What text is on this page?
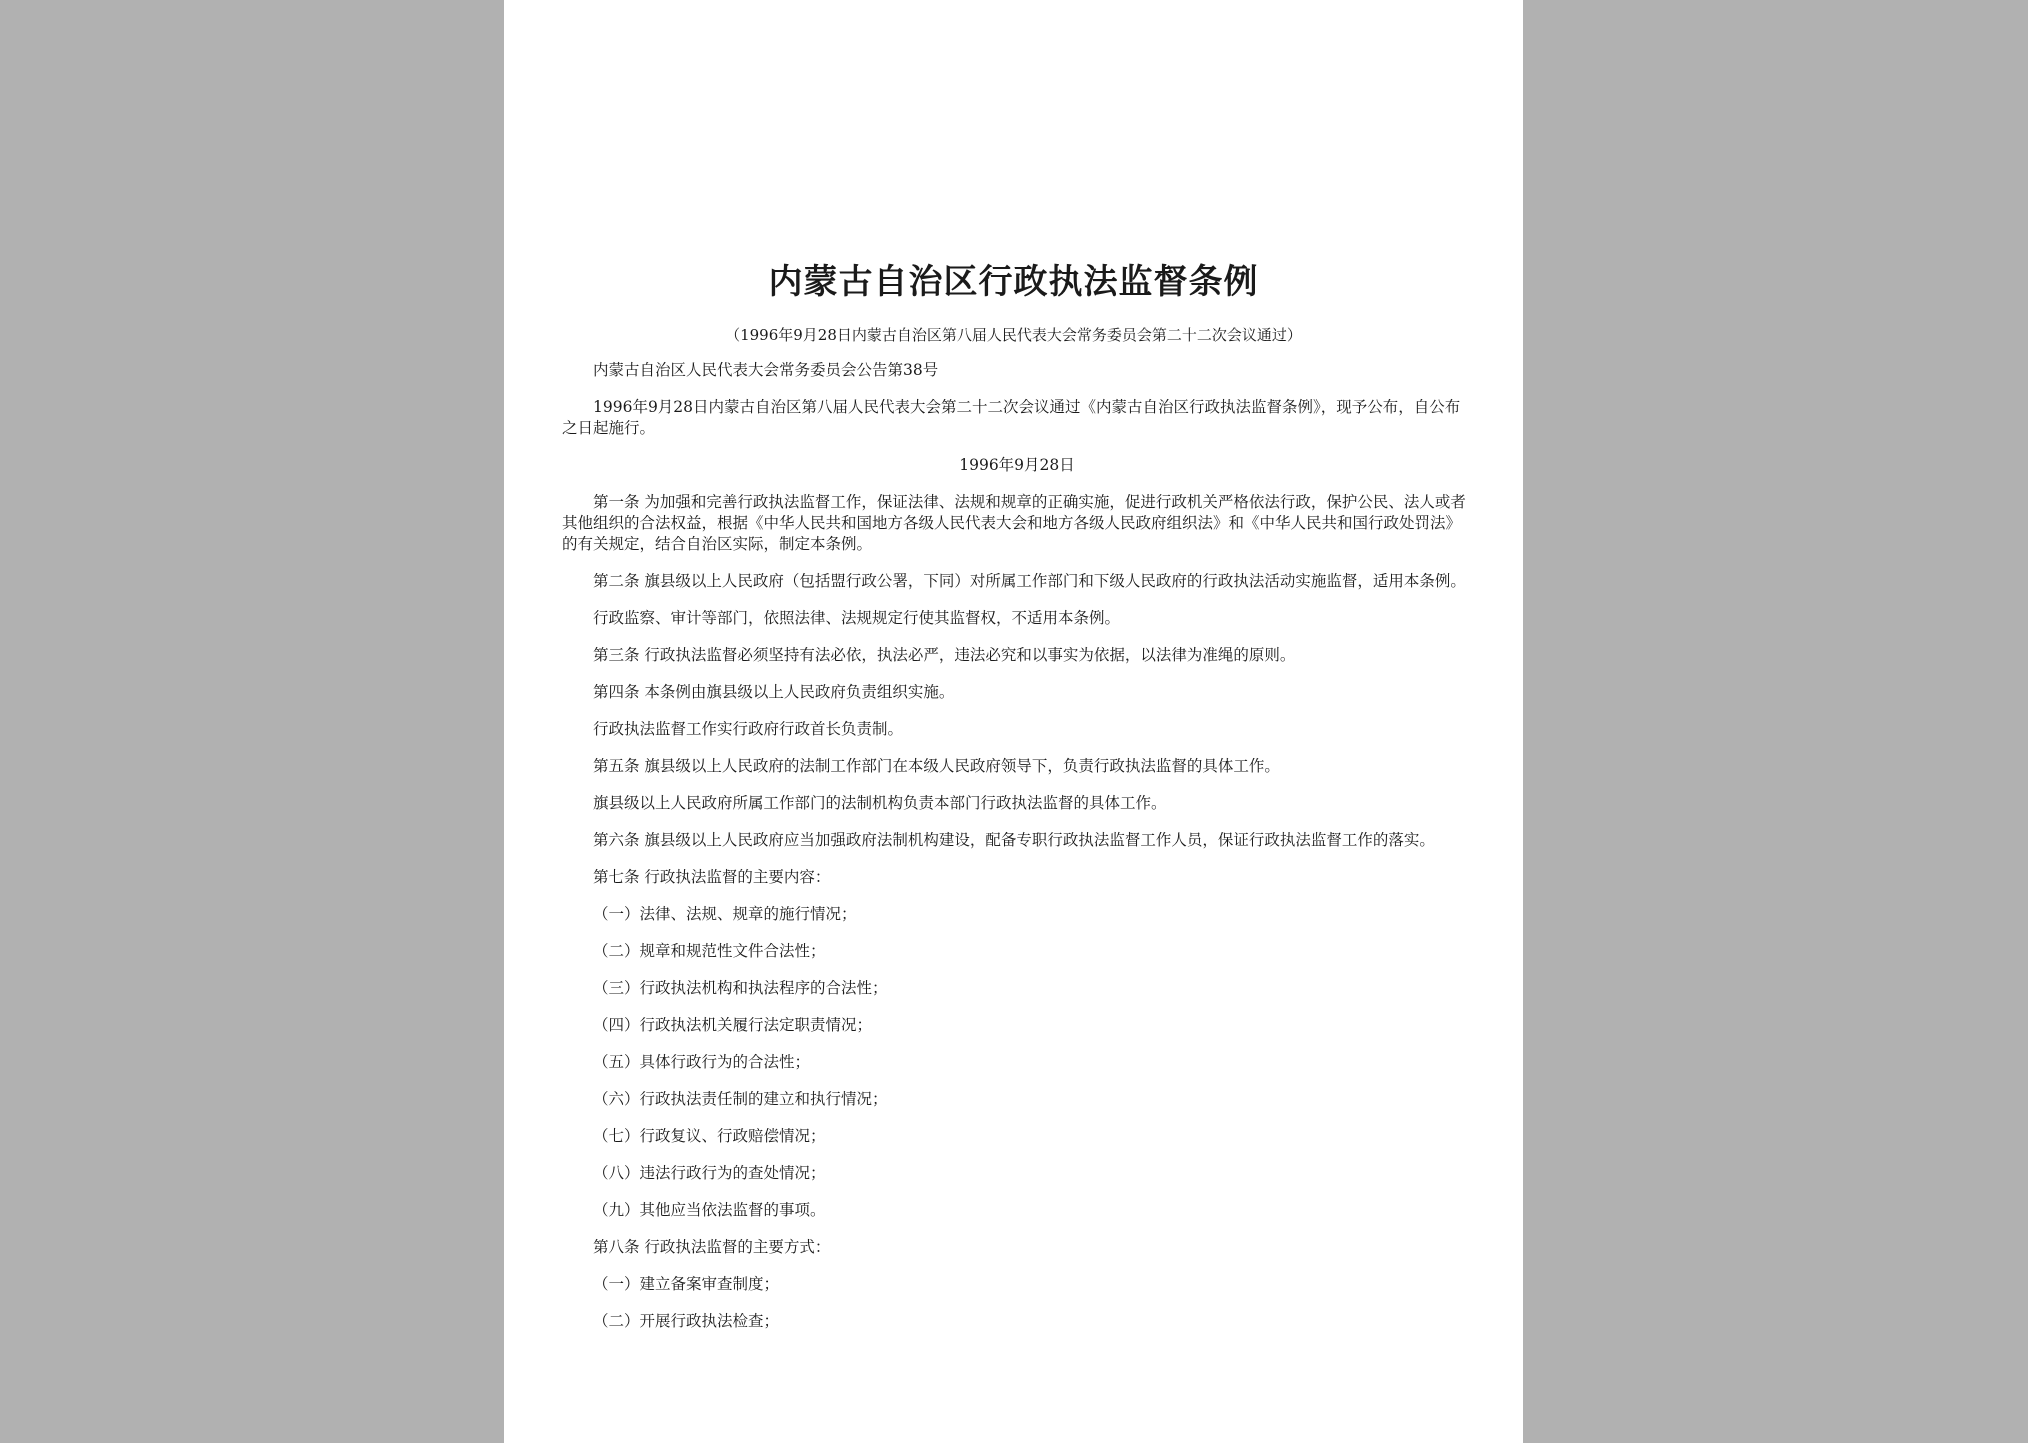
内蒙古自治区行政执法监督条例
（1996年9月28日内蒙古自治区第八届人民代表大会常务委员会第二十二次会议通过）

内蒙古自治区人民代表大会常务委员会公告第38号

1996年9月28日内蒙古自治区第八届人民代表大会第二十二次会议通过《内蒙古自治区行政执法监督条例》，现予公布，自公布之日起施行。

1996年9月28日

第一条 为加强和完善行政执法监督工作，保证法律、法规和规章的正确实施，促进行政机关严格依法行政，保护公民、法人或者其他组织的合法权益，根据《中华人民共和国地方各级人民代表大会和地方各级人民政府组织法》和《中华人民共和国行政处罚法》的有关规定，结合自治区实际，制定本条例。

第二条 旗县级以上人民政府（包括盟行政公署，下同）对所属工作部门和下级人民政府的行政执法活动实施监督，适用本条例。

行政监察、审计等部门，依照法律、法规规定行使其监督权，不适用本条例。

第三条 行政执法监督必须坚持有法必依，执法必严，违法必究和以事实为依据，以法律为准绳的原则。

第四条 本条例由旗县级以上人民政府负责组织实施。

行政执法监督工作实行政府行政首长负责制。

第五条 旗县级以上人民政府的法制工作部门在本级人民政府领导下，负责行政执法监督的具体工作。

旗县级以上人民政府所属工作部门的法制机构负责本部门行政执法监督的具体工作。

第六条 旗县级以上人民政府应当加强政府法制机构建设，配备专职行政执法监督工作人员，保证行政执法监督工作的落实。

第七条 行政执法监督的主要内容：

（一）法律、法规、规章的施行情况；

（二）规章和规范性文件合法性；

（三）行政执法机构和执法程序的合法性；

（四）行政执法机关履行法定职责情况；

（五）具体行政行为的合法性；

（六）行政执法责任制的建立和执行情况；

（七）行政复议、行政赔偿情况；

（八）违法行政行为的查处情况；

（九）其他应当依法监督的事项。

第八条 行政执法监督的主要方式：

（一）建立备案审查制度；

（二）开展行政执法检查；
